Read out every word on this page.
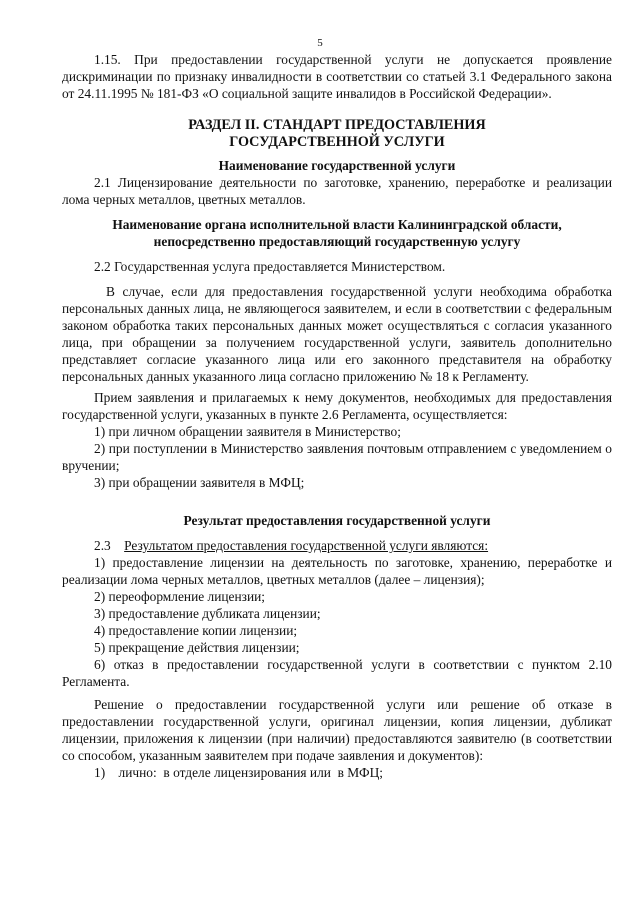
5

1.15. При предоставлении государственной услуги не допускается проявление дискриминации по признаку инвалидности в соответствии со статьей 3.1 Федерального закона от 24.11.1995 № 181-ФЗ «О социальной защите инвалидов в Российской Федерации».

РАЗДЕЛ II. СТАНДАРТ ПРЕДОСТАВЛЕНИЯ
ГОСУДАРСТВЕННОЙ УСЛУГИ
Наименование государственной услуги

2.1 Лицензирование деятельности по заготовке, хранению, переработке и реализации лома черных металлов, цветных металлов.

Наименование органа исполнительной власти Калининградской области,
непосредственно предоставляющий государственную услугу

2.2 Государственная услуга предоставляется Министерством.

В случае, если для предоставления государственной услуги необходима обработка персональных данных лица, не являющегося заявителем, и если в соответствии с федеральным законом обработка таких персональных данных может осуществляться с согласия указанного лица, при обращении за получением государственной услуги, заявитель дополнительно представляет согласие указанного лица или его законного представителя на обработку персональных данных указанного лица согласно приложению № 18 к Регламенту.

Прием заявления и прилагаемых к нему документов, необходимых для предоставления государственной услуги, указанных в пункте 2.6 Регламента, осуществляется:

1) при личном обращении заявителя в Министерство;

2) при поступлении в Министерство заявления почтовым отправлением с уведомлением о вручении;

3) при обращении заявителя в МФЦ;

Результат предоставления государственной услуги

2.3 Результатом предоставления государственной услуги являются:

1) предоставление лицензии на деятельность по заготовке, хранению, переработке и реализации лома черных металлов, цветных металлов (далее – лицензия);

2) переоформление лицензии;

3) предоставление дубликата лицензии;

4) предоставление копии лицензии;

5) прекращение действия лицензии;

6) отказ в предоставлении государственной услуги в соответствии с пунктом 2.10 Регламента.

Решение о предоставлении государственной услуги или решение об отказе в предоставлении государственной услуги, оригинал лицензии, копия лицензии, дубликат лицензии, приложения к лицензии (при наличии) предоставляются заявителю (в соответствии со способом, указанным заявителем при подаче заявления и документов):

1)    лично:  в отделе лицензирования или  в МФЦ;
